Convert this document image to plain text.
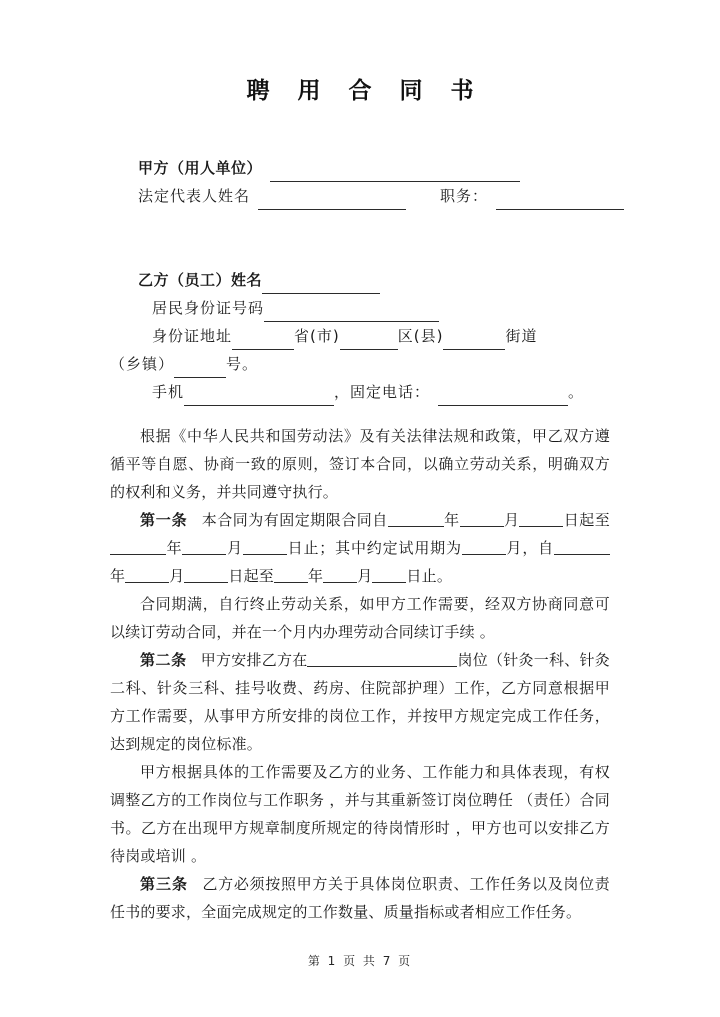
聘 用 合 同 书
甲方（用人单位）
法定代表人姓名	职务：
乙方（员工）姓名
居民身份证号码
身份证地址	省(市)	区(县)	街道
（乡镇）	号。
手机	， 固定电话：	。

根据《中华人民共和国劳动法》及有关法律法规和政策，甲乙双方遵循平等自愿、协商一致的原则，签订本合同，以确立劳动关系，明确双方的权利和义务，并共同遵守执行。

第一条 本合同为有固定期限合同自	年	月	日起至年	月	日止；其中约定试用期为	月，自年	月	日起至 年 月 日止。

合同期满，自行终止劳动关系，如甲方工作需要，经双方协商同意可以续订劳动合同，并在一个月内办理劳动合同续订手续 。

第二条 甲方安排乙方在	岗位（针灸一科、针灸二科、针灸三科、挂号收费、药房、住院部护理）工作，乙方同意根据甲方工作需要，从事甲方所安排的岗位工作，并按甲方规定完成工作任务，达到规定的岗位标准。

甲方根据具体的工作需要及乙方的业务、工作能力和具体表现，有权调整乙方的工作岗位与工作职务 ，并与其重新签订岗位聘任 （责任）合同书。乙方在出现甲方规章制度所规定的待岗情形时 ，甲方也可以安排乙方待岗或培训 。

第三条 乙方必须按照甲方关于具体岗位职责、工作任务以及岗位责任书的要求，全面完成规定的工作数量、质量指标或者相应工作任务。

第 1 页 共 7 页
